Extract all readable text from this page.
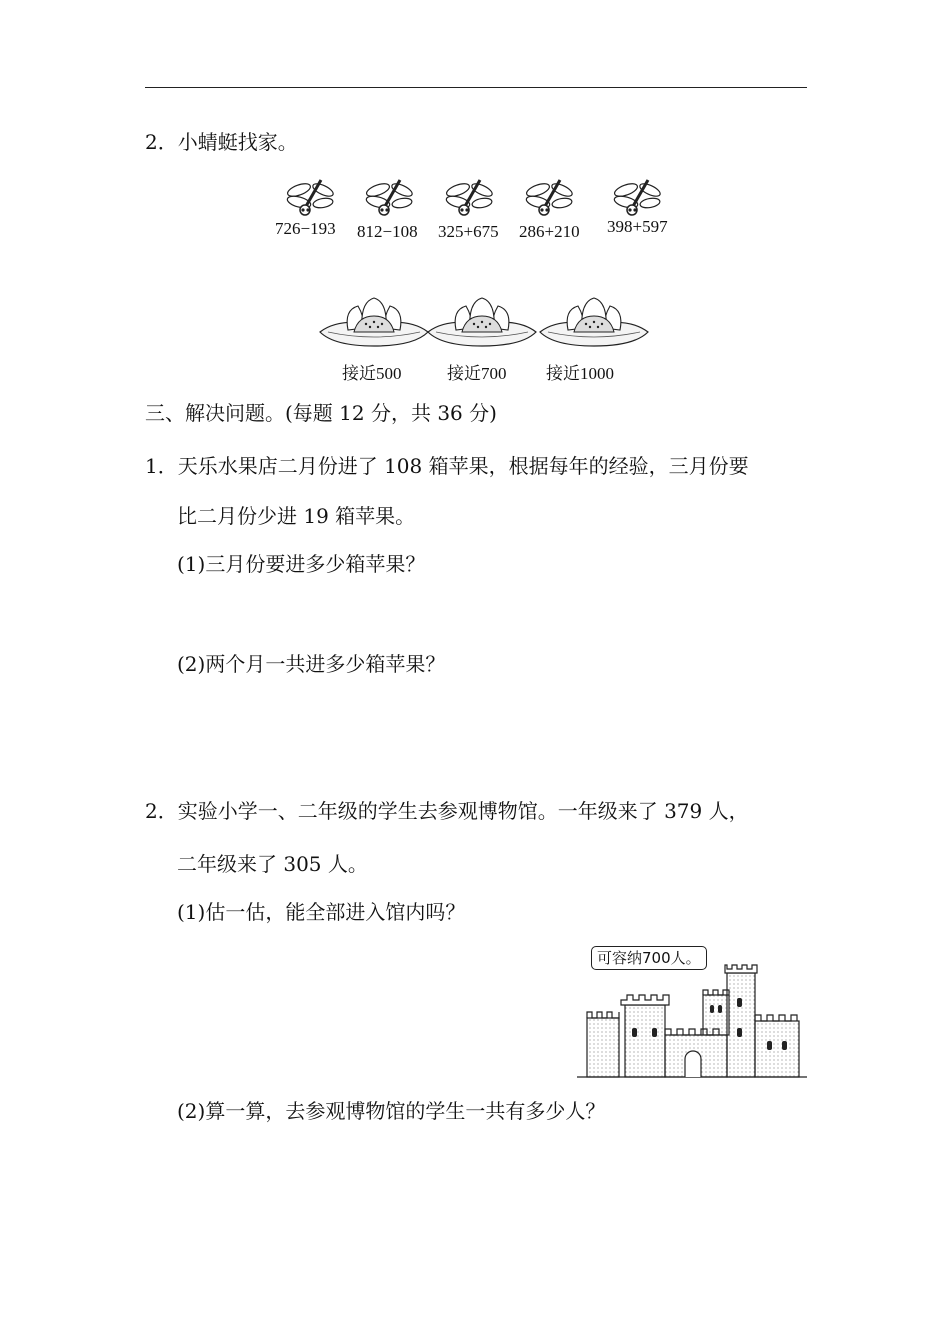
2．小蜻蜓找家。
726−193 812−108 325+675 286+210 398+597
接近500	接近700 接近1000
三、解决问题。(每题 12 分，共 36 分)
1．天乐水果店二月份进了 108 箱苹果，根据每年的经验，三月份要
比二月份少进 19 箱苹果。
(1)三月份要进多少箱苹果？
(2)两个月一共进多少箱苹果？
2．实验小学一、二年级的学生去参观博物馆。一年级来了 379 人，
二年级来了 305 人。
(1)估一估，能全部进入馆内吗？
可容纳700人。
(2)算一算，去参观博物馆的学生一共有多少人？
